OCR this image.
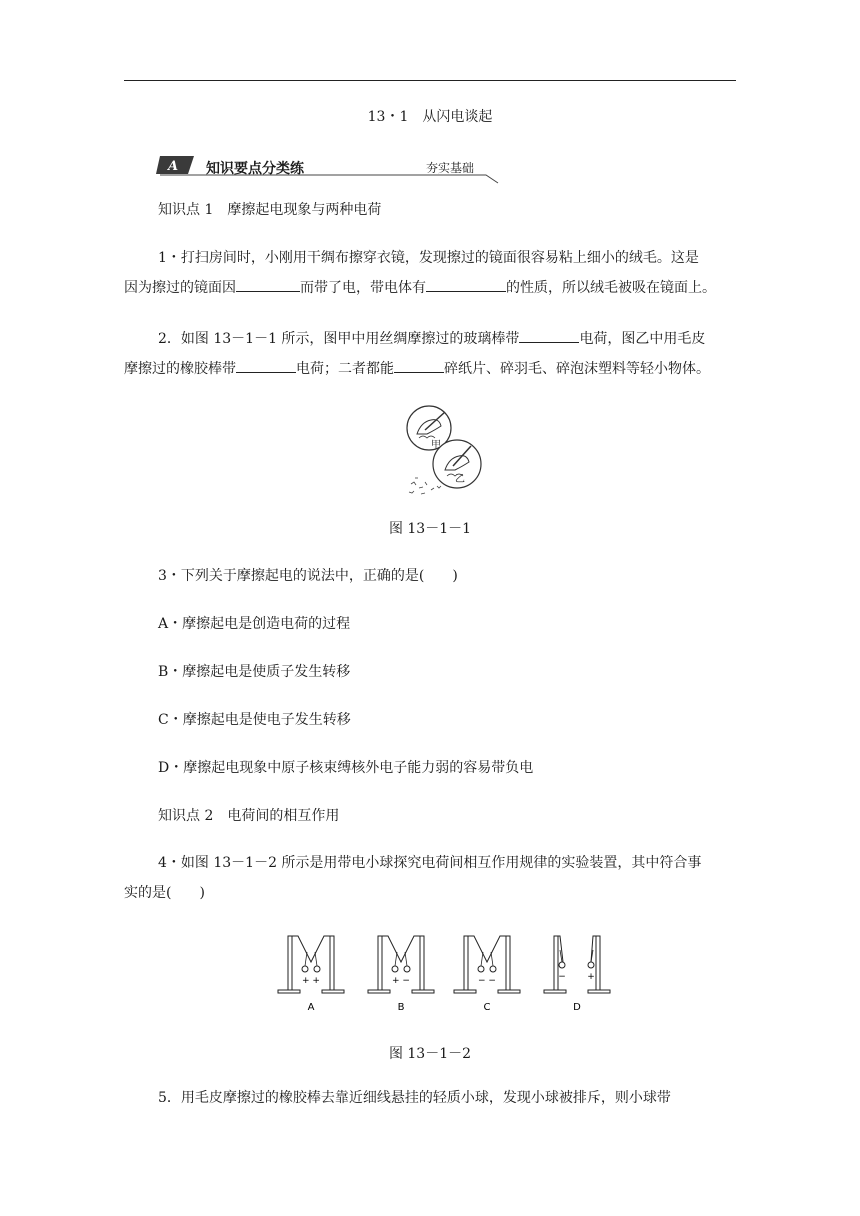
13・1　从闪电谈起
A 知识要点分类练	夯实基础
知识点 1　摩擦起电现象与两种电荷
1・打扫房间时，小刚用干绸布擦穿衣镜，发现擦过的镜面很容易粘上细小的绒毛。这是
因为擦过的镜面因	而带了电，带电体有	的性质，所以绒毛被吸在镜面上。
2．如图 13－1－1 所示，图甲中用丝绸摩擦过的玻璃棒带	电荷，图乙中用毛皮
摩擦过的橡胶棒带	电荷；二者都能	碎纸片、碎羽毛、碎泡沫塑料等轻小物体。
甲
乙
图 13－1－1
3・下列关于摩擦起电的说法中，正确的是(　　)
A・摩擦起电是创造电荷的过程
B・摩擦起电是使质子发生转移
C・摩擦起电是使电子发生转移
D・摩擦起电现象中原子核束缚核外电子能力弱的容易带负电
知识点 2　电荷间的相互作用
4・如图 13－1－2 所示是用带电小球探究电荷间相互作用规律的实验装置，其中符合事
实的是(　　)
+ +
A
+ −
B
− −
C
− +
D
图 13－1－2
5．用毛皮摩擦过的橡胶棒去靠近细线悬挂的轻质小球，发现小球被排斥，则小球带
